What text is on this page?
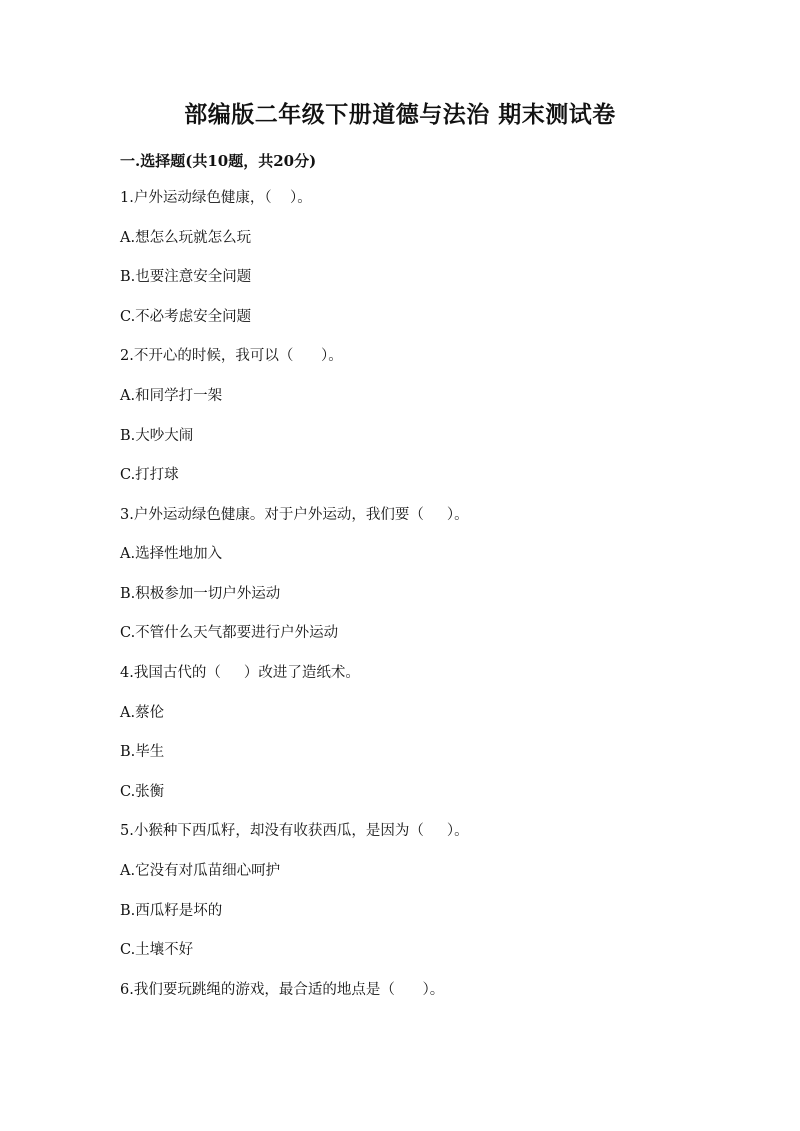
部编版二年级下册道德与法治 期末测试卷
一.选择题(共10题，共20分)
1.户外运动绿色健康，（    ）。
A.想怎么玩就怎么玩
B.也要注意安全问题
C.不必考虑安全问题
2.不开心的时候，我可以（      ）。
A.和同学打一架
B.大吵大闹
C.打打球
3.户外运动绿色健康。对于户外运动，我们要（     ）。
A.选择性地加入
B.积极参加一切户外运动
C.不管什么天气都要进行户外运动
4.我国古代的（     ）改进了造纸术。
A.蔡伦
B.毕生
C.张衡
5.小猴种下西瓜籽，却没有收获西瓜，是因为（     ）。
A.它没有对瓜苗细心呵护
B.西瓜籽是坏的
C.土壤不好
6.我们要玩跳绳的游戏，最合适的地点是（      ）。
